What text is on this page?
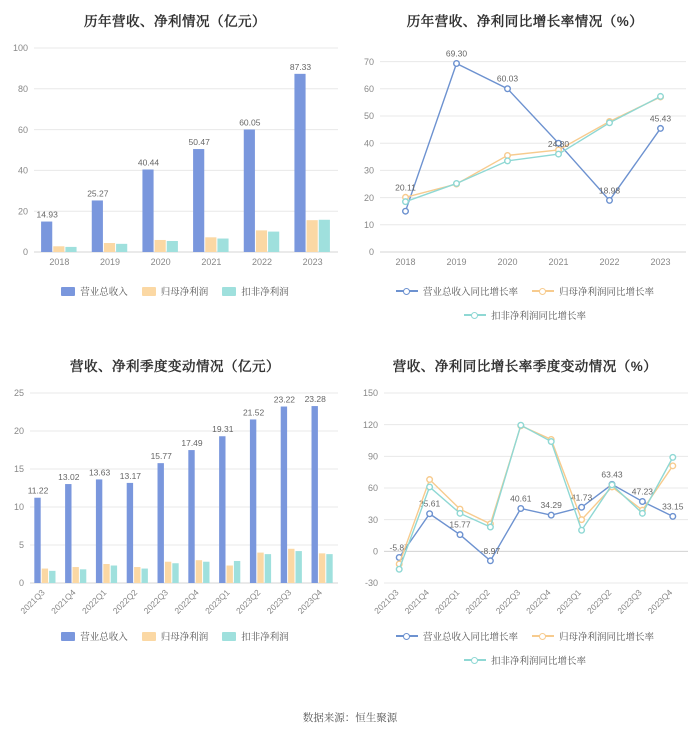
历年营收、净利情况（亿元）
0
20
40
60
80
100
2018	2019	2020	2021	2022	2023
14.93
25.27
40.44
50.47
60.05
87.33
营业总收入	归母净利润	扣非净利润
历年营收、净利同比增长率情况（%）
0
10
20
30
40
50
60
70
2018	2019	2020	2021	2022	2023
69.30
60.03
18.98
45.43
20.11
24.80
营业总收入同比增长率	归母净利润同比增长率
扣非净利润同比增长率
营收、净利季度变动情况（亿元）
0
5
10
15
20
25
2021Q3 2021Q4 2022Q1 2022Q2 2022Q3 2022Q4 2023Q1 2023Q2 2023Q3 2023Q4
11.22
13.02 13.63 13.17
15.77
17.49
19.31
21.52
23.22 23.28
营业总收入	归母净利润	扣非净利润
营收、净利同比增长率季度变动情况（%）
-30
0
30
60
90
120
150
2021Q3 2021Q4 2022Q1 2022Q2 2022Q3 2022Q4 2023Q1 2023Q2 2023Q3 2023Q4
-5.87
35.61
15.77
-8.97
40.61
34.29
41.73
63.43
47.23
33.15
营业总收入同比增长率	归母净利润同比增长率
扣非净利润同比增长率
数据来源：恒生聚源
